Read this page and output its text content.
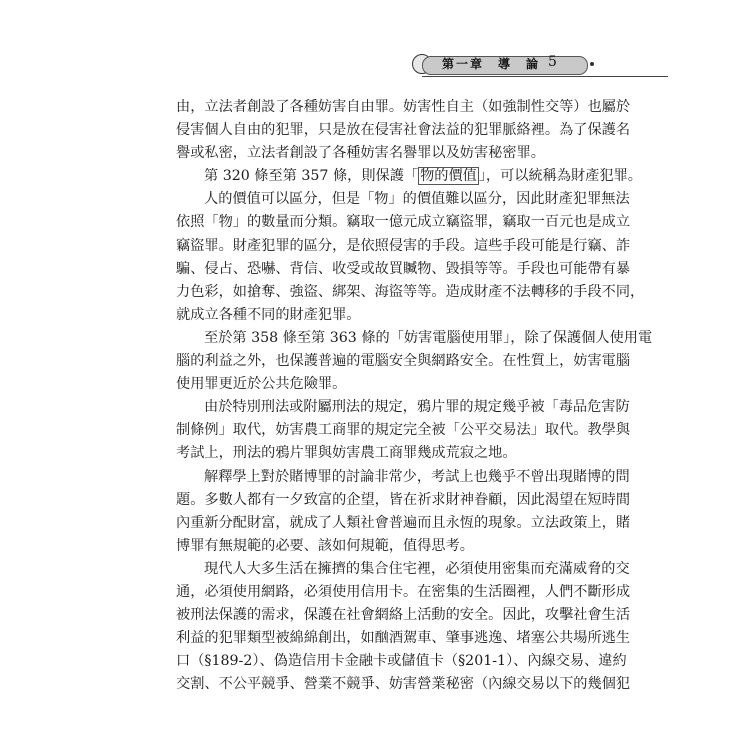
第一章　導　論 5
由，立法者創設了各種妨害自由罪。妨害性自主（如強制性交等）也屬於
侵害個人自由的犯罪，只是放在侵害社會法益的犯罪脈絡裡。為了保護名
譽或私密，立法者創設了各種妨害名譽罪以及妨害秘密罪。
第 320 條至第 357 條，則保護「 物的價值 」，可以統稱為財產犯罪。
人的價值可以區分，但是「物」的價值難以區分，因此財產犯罪無法
依照「物」的數量而分類。竊取一億元成立竊盜罪，竊取一百元也是成立
竊盜罪。財產犯罪的區分，是依照侵害的手段。這些手段可能是行竊、詐
騙、侵占、恐嚇、背信、收受或故買贓物、毀損等等。手段也可能帶有暴
力色彩，如搶奪、強盜、綁架、海盜等等。造成財產不法轉移的手段不同，
就成立各種不同的財產犯罪。
至於第 358 條至第 363 條的「妨害電腦使用罪」，除了保護個人使用電
腦的利益之外，也保護普遍的電腦安全與網路安全。在性質上，妨害電腦
使用罪更近於公共危險罪。
由於特別刑法或附屬刑法的規定，鴉片罪的規定幾乎被「毒品危害防
制條例」取代，妨害農工商罪的規定完全被「公平交易法」取代。教學與
考試上，刑法的鴉片罪與妨害農工商罪幾成荒寂之地。
解釋學上對於賭博罪的討論非常少，考試上也幾乎不曾出現賭博的問
題。多數人都有一夕致富的企望，皆在祈求財神眷顧，因此渴望在短時間
內重新分配財富，就成了人類社會普遍而且永恆的現象。立法政策上，賭
博罪有無規範的必要、該如何規範，值得思考。
現代人大多生活在擁擠的集合住宅裡，必須使用密集而充滿威脅的交
通，必須使用網路，必須使用信用卡。在密集的生活圈裡，人們不斷形成
被刑法保護的需求，保護在社會網絡上活動的安全。因此，攻擊社會生活
利益的犯罪類型被綿綿創出，如酗酒駕車、肇事逃逸、堵塞公共場所逃生
口（§189-2）、偽造信用卡金融卡或儲值卡（§201-1）、內線交易、違約
交割、不公平競爭、營業不競爭、妨害營業秘密（內線交易以下的幾個犯
